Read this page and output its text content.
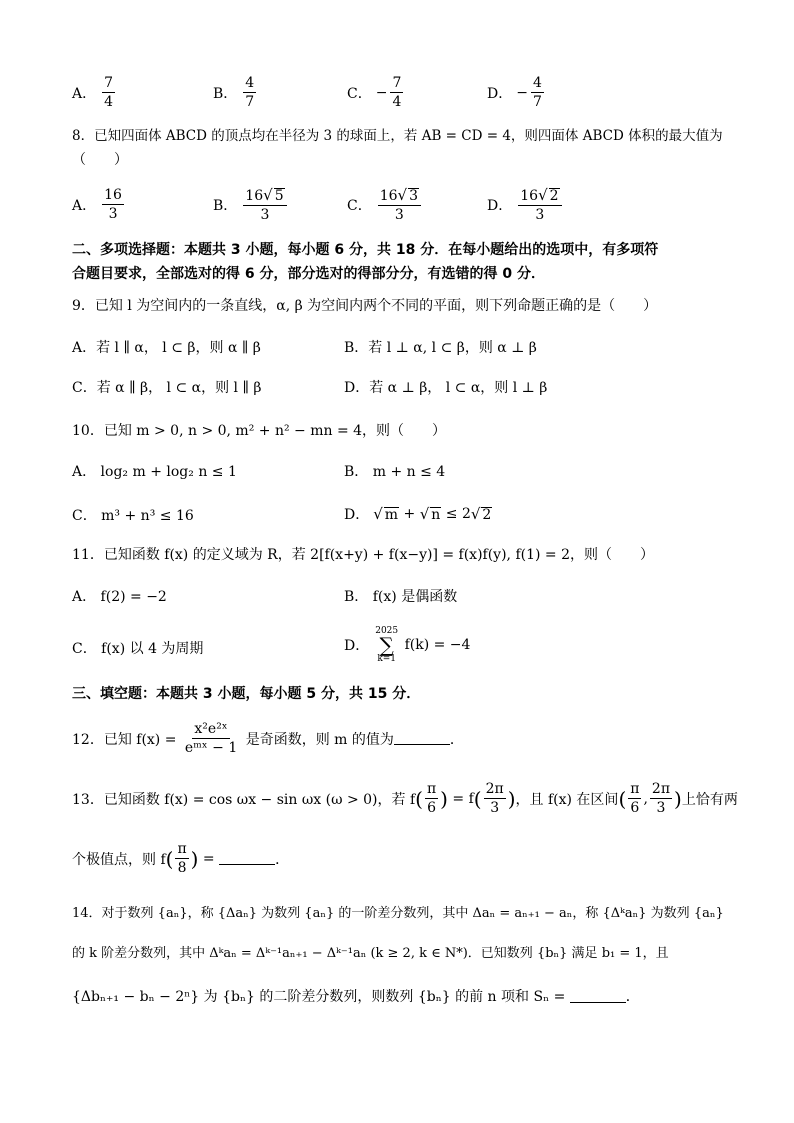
A． $\frac{7}{4}$	B． $\frac{4}{7}$	C． − $\frac{7}{4}$	D． − $\frac{4}{7}$
8．已知四面体 ABCD 的顶点均在半径为 3 的球面上，若 AB = CD = 4，则四面体 ABCD 体积的最大值为
（　　）
A． $\frac{16}{3}$	B． $\frac{16√ 5}{3}$	C． $\frac{16√ 3}{3}$	D． $\frac{16√ 2}{3}$
二、多项选择题：本题共 3 小题，每小题 6 分，共 18 分．在每小题给出的选项中，有多项符
合题目要求，全部选对的得 6 分，部分选对的得部分分，有选错的得 0 分．
9．已知 l 为空间内的一条直线，α, β 为空间内两个不同的平面，则下列命题正确的是（　　）
A．若 l ∥ α， l ⊂ β，则 α ∥ β	B．若 l ⊥ α, l ⊂ β，则 α ⊥ β
C．若 α ∥ β， l ⊂ α，则 l ∥ β	D．若 α ⊥ β， l ⊂ α，则 l ⊥ β
10．已知 m > 0, n > 0, m² + n² − mn = 4，则（　　）
A． log₂ m + log₂ n ≤ 1	B． m + n ≤ 4
C． m³ + n³ ≤ 16	D． √ m + √ n ≤ 2 √ 2
11．已知函数 f(x) 的定义域为 R，若 2[f(x+y) + f(x−y)] = f(x)f(y), f(1) = 2，则（　　）
A． f(2) = −2	B． f(x) 是偶函数
C． f(x) 以 4 为周期	D．
2025
∑
k=1
f(k) = −4
三、填空题：本题共 3 小题，每小题 5 分，共 15 分．
12．已知 $f(x) = \frac{\text{x²e²ˣ}}{\text{eᵐˣ − 1}}$ 是奇函数，则 m 的值为	．
13．已知函数 f(x) = cos ωx − sin ωx (ω > 0)，若 f ( $\frac{\pi}{6}$ ) = f ( $\frac{2\pi}{3}$ ) ，且 f(x) 在区间 ( $\frac{\pi}{6}$ , $\frac{2\pi}{3}$ ) 上恰有两
个极值点，则 f ( $\frac{\pi}{8}$ ) =	．
14．对于数列 {aₙ}，称 {Δaₙ} 为数列 {aₙ} 的一阶差分数列，其中 Δaₙ = aₙ₊₁ − aₙ，称 {Δᵏaₙ} 为数列 {aₙ}
的 k 阶差分数列，其中 Δᵏaₙ = Δᵏ⁻¹aₙ₊₁ − Δᵏ⁻¹aₙ (k ≥ 2, k ∈ N*)．已知数列 {bₙ} 满足 b₁ = 1，且
{Δbₙ₊₁ − bₙ − 2ⁿ} 为 {bₙ} 的二阶差分数列，则数列 {bₙ} 的前 n 项和 Sₙ =	．
